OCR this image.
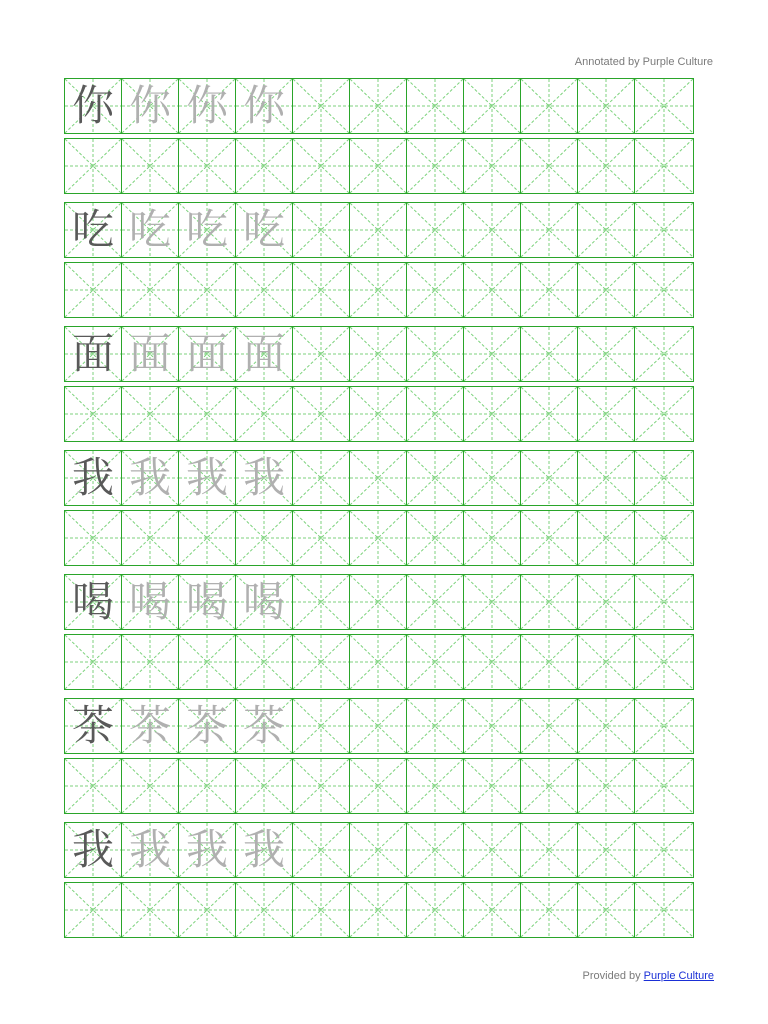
Annotated by Purple Culture
你 你 你 你
吃 吃 吃 吃
面 面 面 面
我 我 我 我
喝 喝 喝 喝
茶 茶 茶 茶
我 我 我 我
Provided by Purple Culture
